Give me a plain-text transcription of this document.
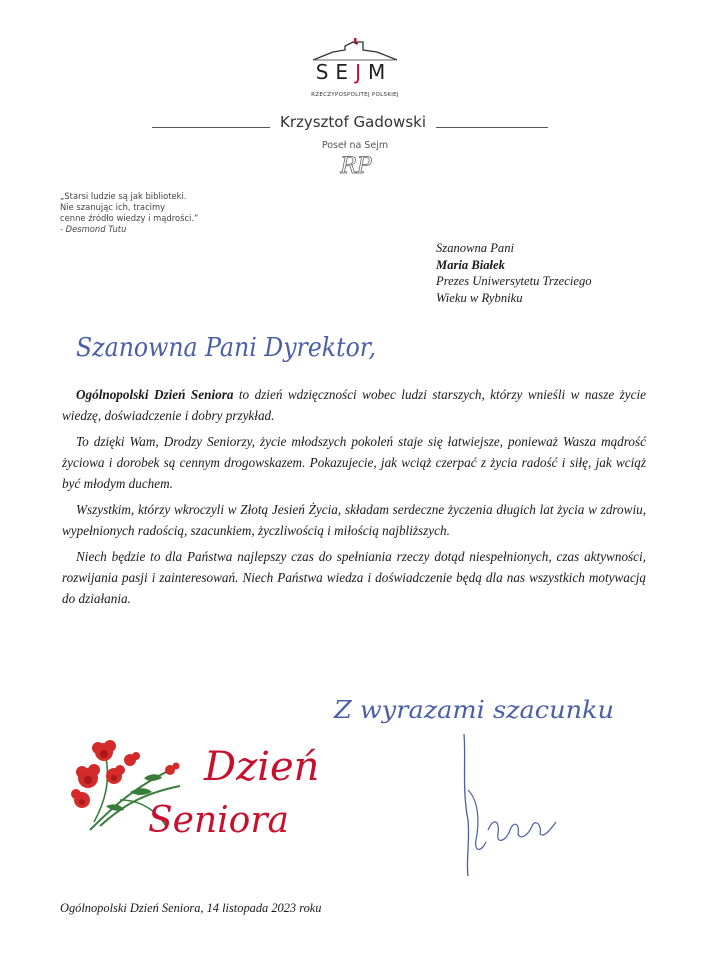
SEJM
RZECZYPOSPOLITEJ POLSKIEJ
Krzysztof Gadowski
Poseł na Sejm
RP
„Starsi ludzie są jak biblioteki.
Nie szanując ich, tracimy
cenne źródło wiedzy i mądrości.”
- Desmond Tutu
Szanowna Pani
Maria Białek
Prezes Uniwersytetu Trzeciego
Wieku w Rybniku
Szanowna Pani Dyrektor,

Ogólnopolski Dzień Seniora to dzień wdzięczności wobec ludzi starszych, którzy wnieśli w nasze życie wiedzę, doświadczenie i dobry przykład.

To dzięki Wam, Drodzy Seniorzy, życie młodszych pokoleń staje się łatwiejsze, ponieważ Wasza mądrość życiowa i dorobek są cennym drogowskazem. Pokazujecie, jak wciąż czerpać z życia radość i siłę, jak wciąż być młodym duchem.

Wszystkim, którzy wkroczyli w Złotą Jesień Życia, składam serdeczne życzenia długich lat życia w zdrowiu, wypełnionych radością, szacunkiem, życzliwością i miłością najbliższych.

Niech będzie to dla Państwa najlepszy czas do spełniania rzeczy dotąd niespełnionych, czas aktywności, rozwijania pasji i zainteresowań. Niech Państwa wiedza i doświadczenie będą dla nas wszystkich motywacją do działania.

Z wyrazami szacunku
Dzień
Seniora
Ogólnopolski Dzień Seniora, 14 listopada 2023 roku
